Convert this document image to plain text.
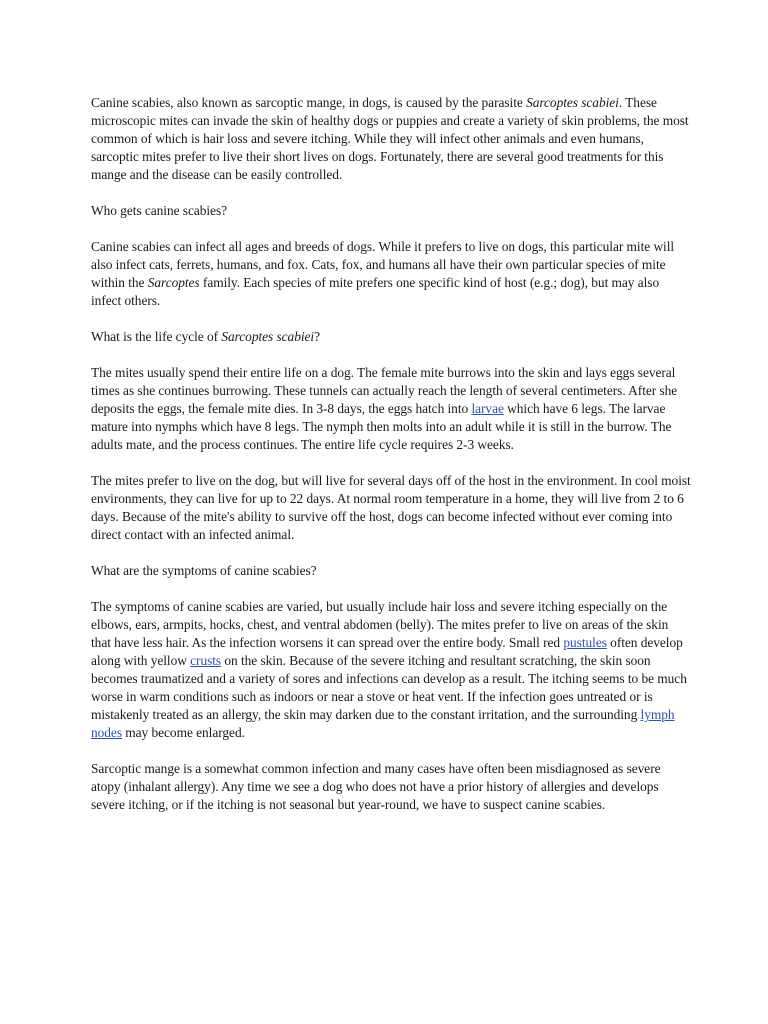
Canine scabies, also known as sarcoptic mange, in dogs, is caused by the parasite Sarcoptes scabiei. These microscopic mites can invade the skin of healthy dogs or puppies and create a variety of skin problems, the most common of which is hair loss and severe itching. While they will infect other animals and even humans, sarcoptic mites prefer to live their short lives on dogs. Fortunately, there are several good treatments for this mange and the disease can be easily controlled.

Who gets canine scabies?

Canine scabies can infect all ages and breeds of dogs. While it prefers to live on dogs, this particular mite will also infect cats, ferrets, humans, and fox. Cats, fox, and humans all have their own particular species of mite within the Sarcoptes family. Each species of mite prefers one specific kind of host (e.g.; dog), but may also infect others.

What is the life cycle of Sarcoptes scabiei?

The mites usually spend their entire life on a dog. The female mite burrows into the skin and lays eggs several times as she continues burrowing. These tunnels can actually reach the length of several centimeters. After she deposits the eggs, the female mite dies. In 3-8 days, the eggs hatch into larvae which have 6 legs. The larvae mature into nymphs which have 8 legs. The nymph then molts into an adult while it is still in the burrow. The adults mate, and the process continues. The entire life cycle requires 2-3 weeks.

The mites prefer to live on the dog, but will live for several days off of the host in the environment. In cool moist environments, they can live for up to 22 days. At normal room temperature in a home, they will live from 2 to 6 days. Because of the mite's ability to survive off the host, dogs can become infected without ever coming into direct contact with an infected animal.

What are the symptoms of canine scabies?

The symptoms of canine scabies are varied, but usually include hair loss and severe itching especially on the elbows, ears, armpits, hocks, chest, and ventral abdomen (belly). The mites prefer to live on areas of the skin that have less hair. As the infection worsens it can spread over the entire body. Small red pustules often develop along with yellow crusts on the skin. Because of the severe itching and resultant scratching, the skin soon becomes traumatized and a variety of sores and infections can develop as a result. The itching seems to be much worse in warm conditions such as indoors or near a stove or heat vent. If the infection goes untreated or is mistakenly treated as an allergy, the skin may darken due to the constant irritation, and the surrounding lymph nodes may become enlarged.

Sarcoptic mange is a somewhat common infection and many cases have often been misdiagnosed as severe atopy (inhalant allergy). Any time we see a dog who does not have a prior history of allergies and develops severe itching, or if the itching is not seasonal but year-round, we have to suspect canine scabies.
